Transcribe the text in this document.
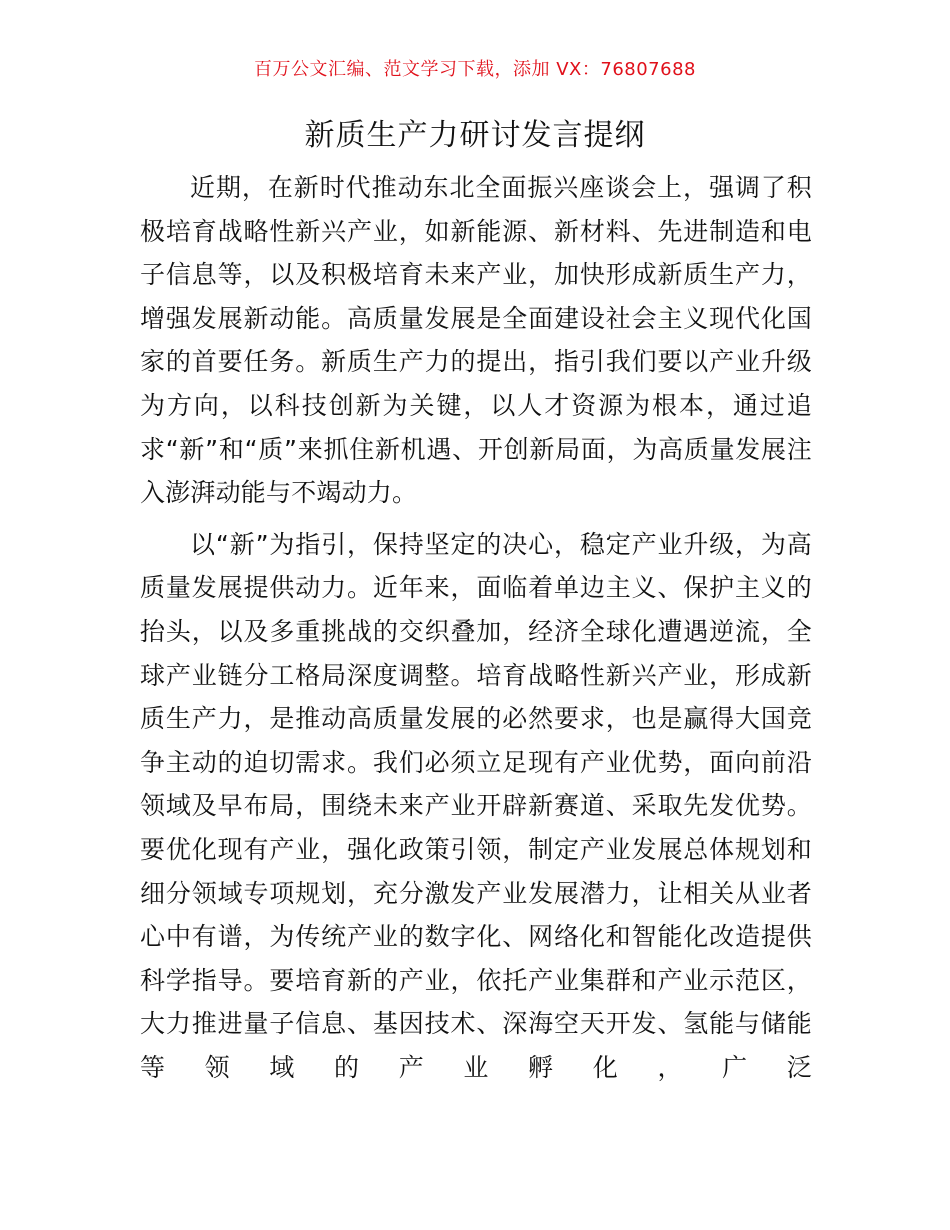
百万公文汇编、范文学习下载，添加 VX：76807688
新质生产力研讨发言提纲

近期，在新时代推动东北全面振兴座谈会上，强调了积极培育战略性新兴产业，如新能源、新材料、先进制造和电子信息等，以及积极培育未来产业，加快形成新质生产力，增强发展新动能。高质量发展是全面建设社会主义现代化国家的首要任务。新质生产力的提出，指引我们要以产业升级为方向，以科技创新为关键，以人才资源为根本，通过追求“新”和“质”来抓住新机遇、开创新局面，为高质量发展注入澎湃动能与不竭动力。

以“新”为指引，保持坚定的决心，稳定产业升级，为高质量发展提供动力。近年来，面临着单边主义、保护主义的抬头，以及多重挑战的交织叠加，经济全球化遭遇逆流，全球产业链分工格局深度调整。培育战略性新兴产业，形成新质生产力，是推动高质量发展的必然要求，也是赢得大国竞争主动的迫切需求。我们必须立足现有产业优势，面向前沿领域及早布局，围绕未来产业开辟新赛道、采取先发优势。要优化现有产业，强化政策引领，制定产业发展总体规划和细分领域专项规划，充分激发产业发展潜力，让相关从业者心中有谱，为传统产业的数字化、网络化和智能化改造提供科学指导。要培育新的产业，依托产业集群和产业示范区，大力推进量子信息、基因技术、深海空天开发、氢能与储能等领域的产业孵化，广泛
